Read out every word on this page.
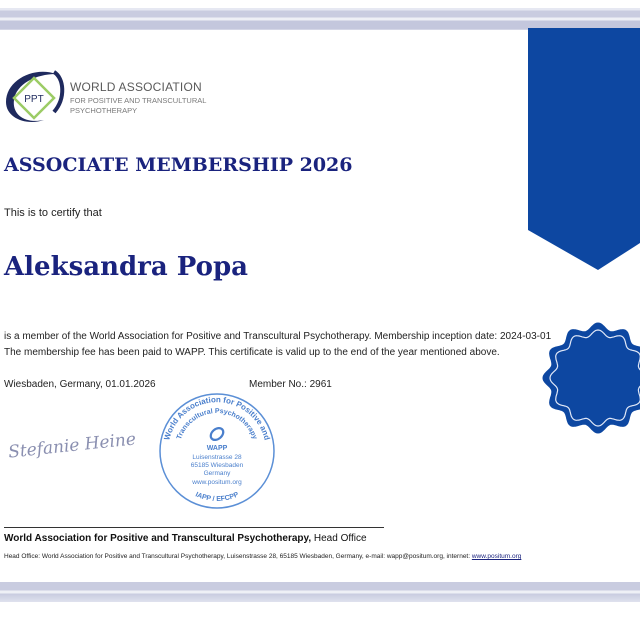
PPT
WORLD ASSOCIATION
FOR POSITIVE AND TRANSCULTURAL
PSYCHOTHERAPY
ASSOCIATE MEMBERSHIP 2026
This is to certify that
Aleksandra Popa
is a member of the World Association for Positive and Transcultural Psychotherapy. Membership inception date: 2024-03-01
The membership fee has been paid to WAPP. This certificate is valid up to the end of the year mentioned above.
Wiesbaden, Germany, 01.01.2026	Member No.: 2961
Stefanie Heine	World Association for Positive and
Transcultural Psychotherapy
WAPP
Luisenstrasse 28
65185 Wiesbaden
Germany
www.positum.org
IAPP / EFCPP
World Association for Positive and Transcultural Psychotherapy, Head Office
Head Office: World Association for Positive and Transcultural Psychotherapy, Luisenstrasse 28, 65185 Wiesbaden, Germany, e-mail: wapp@positum.org, internet: www.positum.org
